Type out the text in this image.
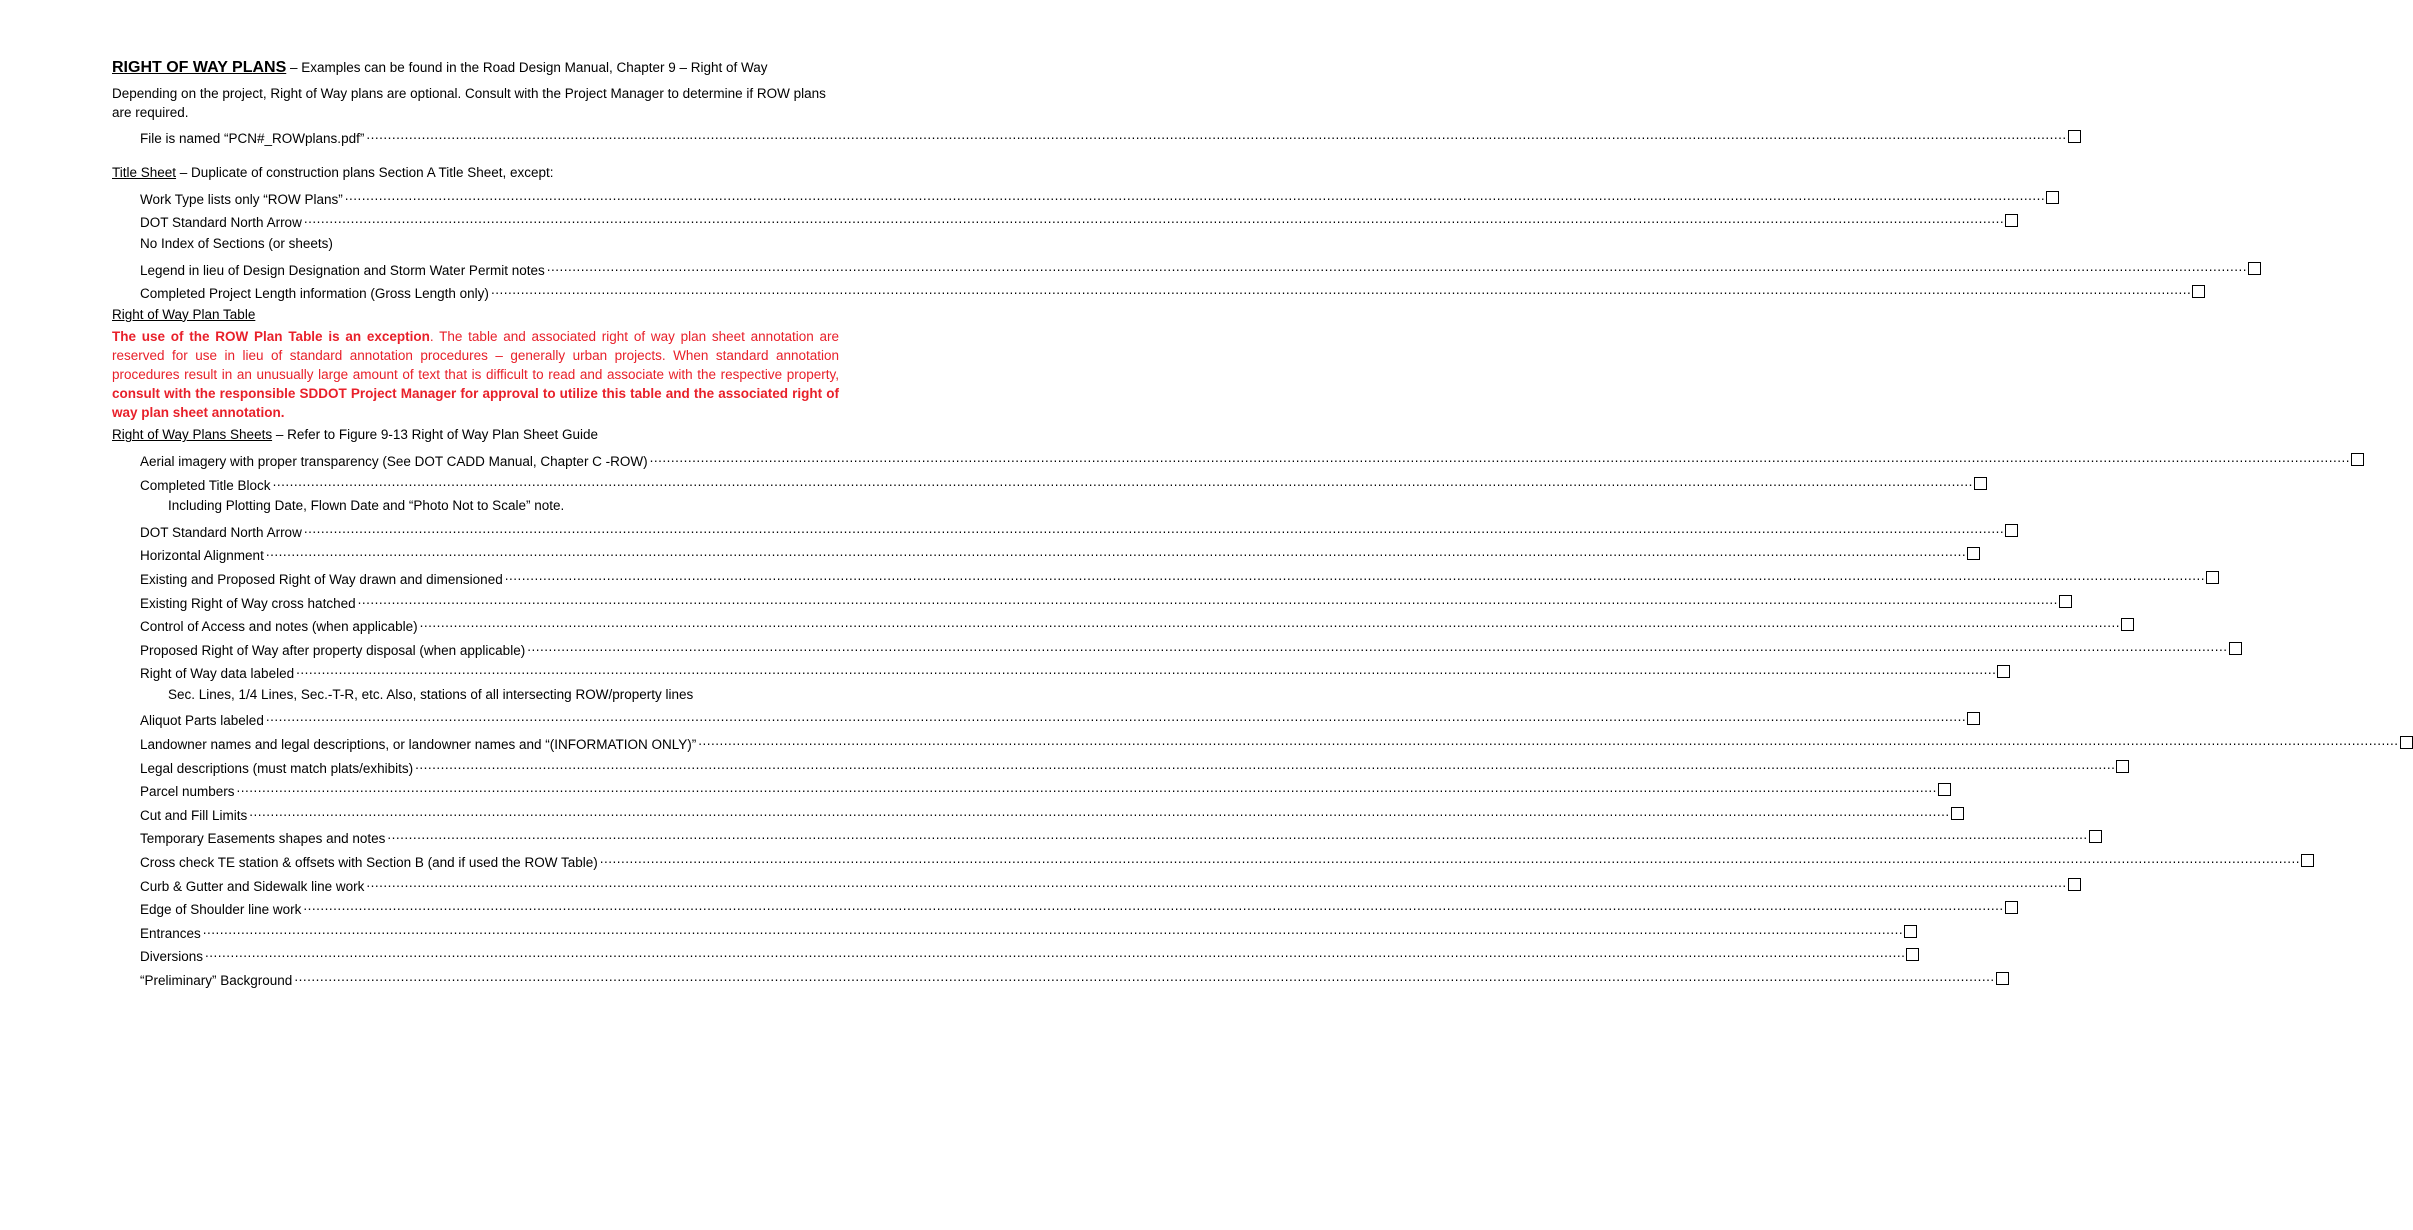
RIGHT OF WAY PLANS – Examples can be found in the Road Design Manual, Chapter 9 – Right of Way
Depending on the project, Right of Way plans are optional. Consult with the Project Manager to determine if ROW plans are required.
File is named “PCN#_ROWplans.pdf” ................................................................................................................................................................................................................................................................................................................................................................................................................
Title Sheet – Duplicate of construction plans Section A Title Sheet, except:
Work Type lists only “ROW Plans” ................................................................................................................................................................................................................................................................................................................................................................................................................
DOT Standard North Arrow ................................................................................................................................................................................................................................................................................................................................................................................................................
No Index of Sections (or sheets)
Legend in lieu of Design Designation and Storm Water Permit notes ................................................................................................................................................................................................................................................................................................................................................................................................................
Completed Project Length information (Gross Length only) ................................................................................................................................................................................................................................................................................................................................................................................................................
Right of Way Plan Table
The use of the ROW Plan Table is an exception. The table and associated right of way plan sheet annotation are reserved for use in lieu of standard annotation procedures – generally urban projects. When standard annotation procedures result in an unusually large amount of text that is difficult to read and associate with the respective property, consult with the responsible SDDOT Project Manager for approval to utilize this table and the associated right of way plan sheet annotation.
Right of Way Plans Sheets – Refer to Figure 9-13 Right of Way Plan Sheet Guide
Aerial imagery with proper transparency (See DOT CADD Manual, Chapter C -ROW) ................................................................................................................................................................................................................................................................................................................................................................................................................
Completed Title Block ................................................................................................................................................................................................................................................................................................................................................................................................................
Including Plotting Date, Flown Date and “Photo Not to Scale” note.
DOT Standard North Arrow ................................................................................................................................................................................................................................................................................................................................................................................................................
Horizontal Alignment ................................................................................................................................................................................................................................................................................................................................................................................................................
Existing and Proposed Right of Way drawn and dimensioned ................................................................................................................................................................................................................................................................................................................................................................................................................
Existing Right of Way cross hatched ................................................................................................................................................................................................................................................................................................................................................................................................................
Control of Access and notes (when applicable) ................................................................................................................................................................................................................................................................................................................................................................................................................
Proposed Right of Way after property disposal (when applicable) ................................................................................................................................................................................................................................................................................................................................................................................................................
Right of Way data labeled ................................................................................................................................................................................................................................................................................................................................................................................................................
Sec. Lines, 1/4 Lines, Sec.-T-R, etc. Also, stations of all intersecting ROW/property lines
Aliquot Parts labeled ................................................................................................................................................................................................................................................................................................................................................................................................................
Landowner names and legal descriptions, or landowner names and “(INFORMATION ONLY)” ................................................................................................................................................................................................................................................................................................................................................................................................................
Legal descriptions (must match plats/exhibits) ................................................................................................................................................................................................................................................................................................................................................................................................................
Parcel numbers ................................................................................................................................................................................................................................................................................................................................................................................................................
Cut and Fill Limits ................................................................................................................................................................................................................................................................................................................................................................................................................
Temporary Easements shapes and notes ................................................................................................................................................................................................................................................................................................................................................................................................................
Cross check TE station & offsets with Section B (and if used the ROW Table) ................................................................................................................................................................................................................................................................................................................................................................................................................
Curb & Gutter and Sidewalk line work ................................................................................................................................................................................................................................................................................................................................................................................................................
Edge of Shoulder line work ................................................................................................................................................................................................................................................................................................................................................................................................................
Entrances ................................................................................................................................................................................................................................................................................................................................................................................................................
Diversions ................................................................................................................................................................................................................................................................................................................................................................................................................
“Preliminary” Background ................................................................................................................................................................................................................................................................................................................................................................................................................
